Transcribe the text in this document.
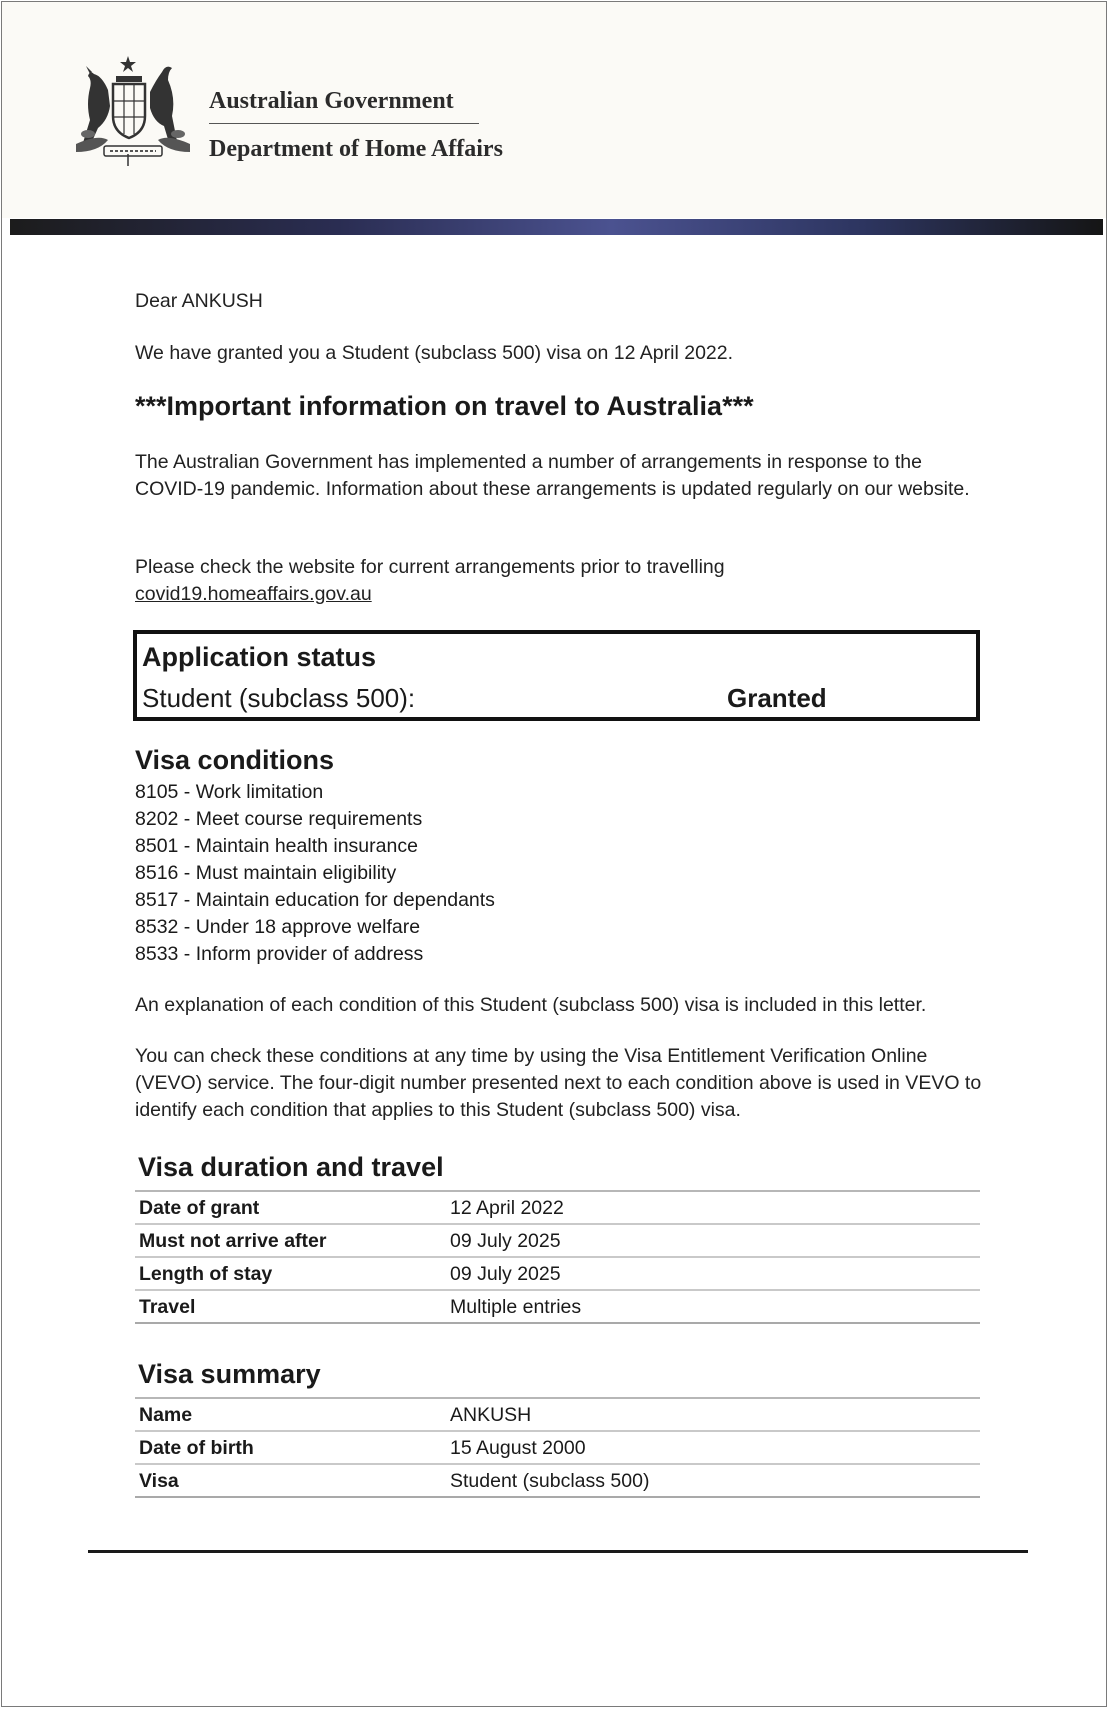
Australian Government
Department of Home Affairs
Dear ANKUSH
We have granted you a Student (subclass 500) visa on 12 April 2022.
***Important information on travel to Australia***
The Australian Government has implemented a number of arrangements in response to the COVID-19 pandemic. Information about these arrangements is updated regularly on our website.
Please check the website for current arrangements prior to travelling
covid19.homeaffairs.gov.au
Application status
Student (subclass 500):	Granted
Visa conditions
8105 - Work limitation
8202 - Meet course requirements
8501 - Maintain health insurance
8516 - Must maintain eligibility
8517 - Maintain education for dependants
8532 - Under 18 approve welfare
8533 - Inform provider of address
An explanation of each condition of this Student (subclass 500) visa is included in this letter.
You can check these conditions at any time by using the Visa Entitlement Verification Online (VEVO) service. The four-digit number presented next to each condition above is used in VEVO to identify each condition that applies to this Student (subclass 500) visa.
Visa duration and travel
Date of grant	12 April 2022
Must not arrive after	09 July 2025
Length of stay	09 July 2025
Travel	Multiple entries
Visa summary
Name	ANKUSH
Date of birth	15 August 2000
Visa	Student (subclass 500)
